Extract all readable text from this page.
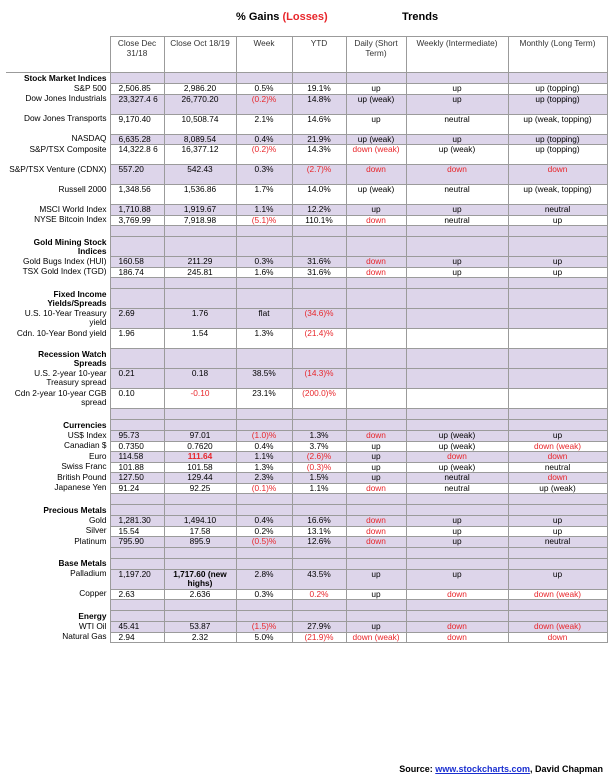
% Gains (Losses)	Trends
	Close Dec 31/18	Close Oct 18/19	Week	YTD	Daily (Short Term)	Weekly (Intermediate)	Monthly (Long Term)
Stock Market Indices							
S&P 500	2,506.85	2,986.20	0.5%	19.1%	up	up	up (topping)
Dow Jones Industrials	23,327.4 6	26,770.20	(0.2)%	14.8%	up (weak)	up	up (topping)
Dow Jones Transports	9,170.40	10,508.74	2.1%	14.6%	up	neutral	up (weak, topping)
NASDAQ	6,635.28	8,089.54	0.4%	21.9%	up (weak)	up	up (topping)
S&P/TSX Composite	14,322.8 6	16,377.12	(0.2)%	14.3%	down (weak)	up (weak)	up (topping)
S&P/TSX Venture (CDNX)	557.20	542.43	0.3%	(2.7)%	down	down	down
Russell 2000	1,348.56	1,536.86	1.7%	14.0%	up (weak)	neutral	up (weak, topping)
MSCI World Index	1,710.88	1,919.67	1.1%	12.2%	up	up	neutral
NYSE Bitcoin Index	3,769.99	7,918.98	(5.1)%	110.1%	down	neutral	up

Gold Mining Stock Indices							
Gold Bugs Index (HUI)	160.58	211.29	0.3%	31.6%	down	up	up
TSX Gold Index (TGD)	186.74	245.81	1.6%	31.6%	down	up	up

Fixed Income Yields/Spreads							
U.S. 10-Year Treasury yield	2.69	1.76	flat	(34.6)%			
Cdn. 10-Year Bond yield	1.96	1.54	1.3%	(21.4)%			
Recession Watch Spreads							
U.S. 2-year 10-year Treasury spread	0.21	0.18	38.5%	(14.3)%			
Cdn 2-year 10-year CGB spread	0.10	-0.10	23.1%	(200.0)%			

Currencies							
US$ Index	95.73	97.01	(1.0)%	1.3%	down	up (weak)	up
Canadian $	0.7350	0.7620	0.4%	3.7%	up	up (weak)	down (weak)
Euro	114.58	111.64	1.1%	(2.6)%	up	down	down
Swiss Franc	101.88	101.58	1.3%	(0.3)%	up	up (weak)	neutral
British Pound	127.50	129.44	2.3%	1.5%	up	neutral	down
Japanese Yen	91.24	92.25	(0.1)%	1.1%	down	neutral	up (weak)

Precious Metals							
Gold	1,281.30	1,494.10	0.4%	16.6%	down	up	up
Silver	15.54	17.58	0.2%	13.1%	down	up	up
Platinum	795.90	895.9	(0.5)%	12.6%	down	up	neutral

Base Metals							
Palladium	1,197.20	1,717.60 (new highs)	2.8%	43.5%	up	up	up
Copper	2.63	2.636	0.3%	0.2%	up	down	down (weak)

Energy							
WTI Oil	45.41	53.87	(1.5)%	27.9%	up	down	down (weak)
Natural Gas	2.94	2.32	5.0%	(21.9)%	down (weak)	down	down
Source: www.stockcharts.com, David Chapman
